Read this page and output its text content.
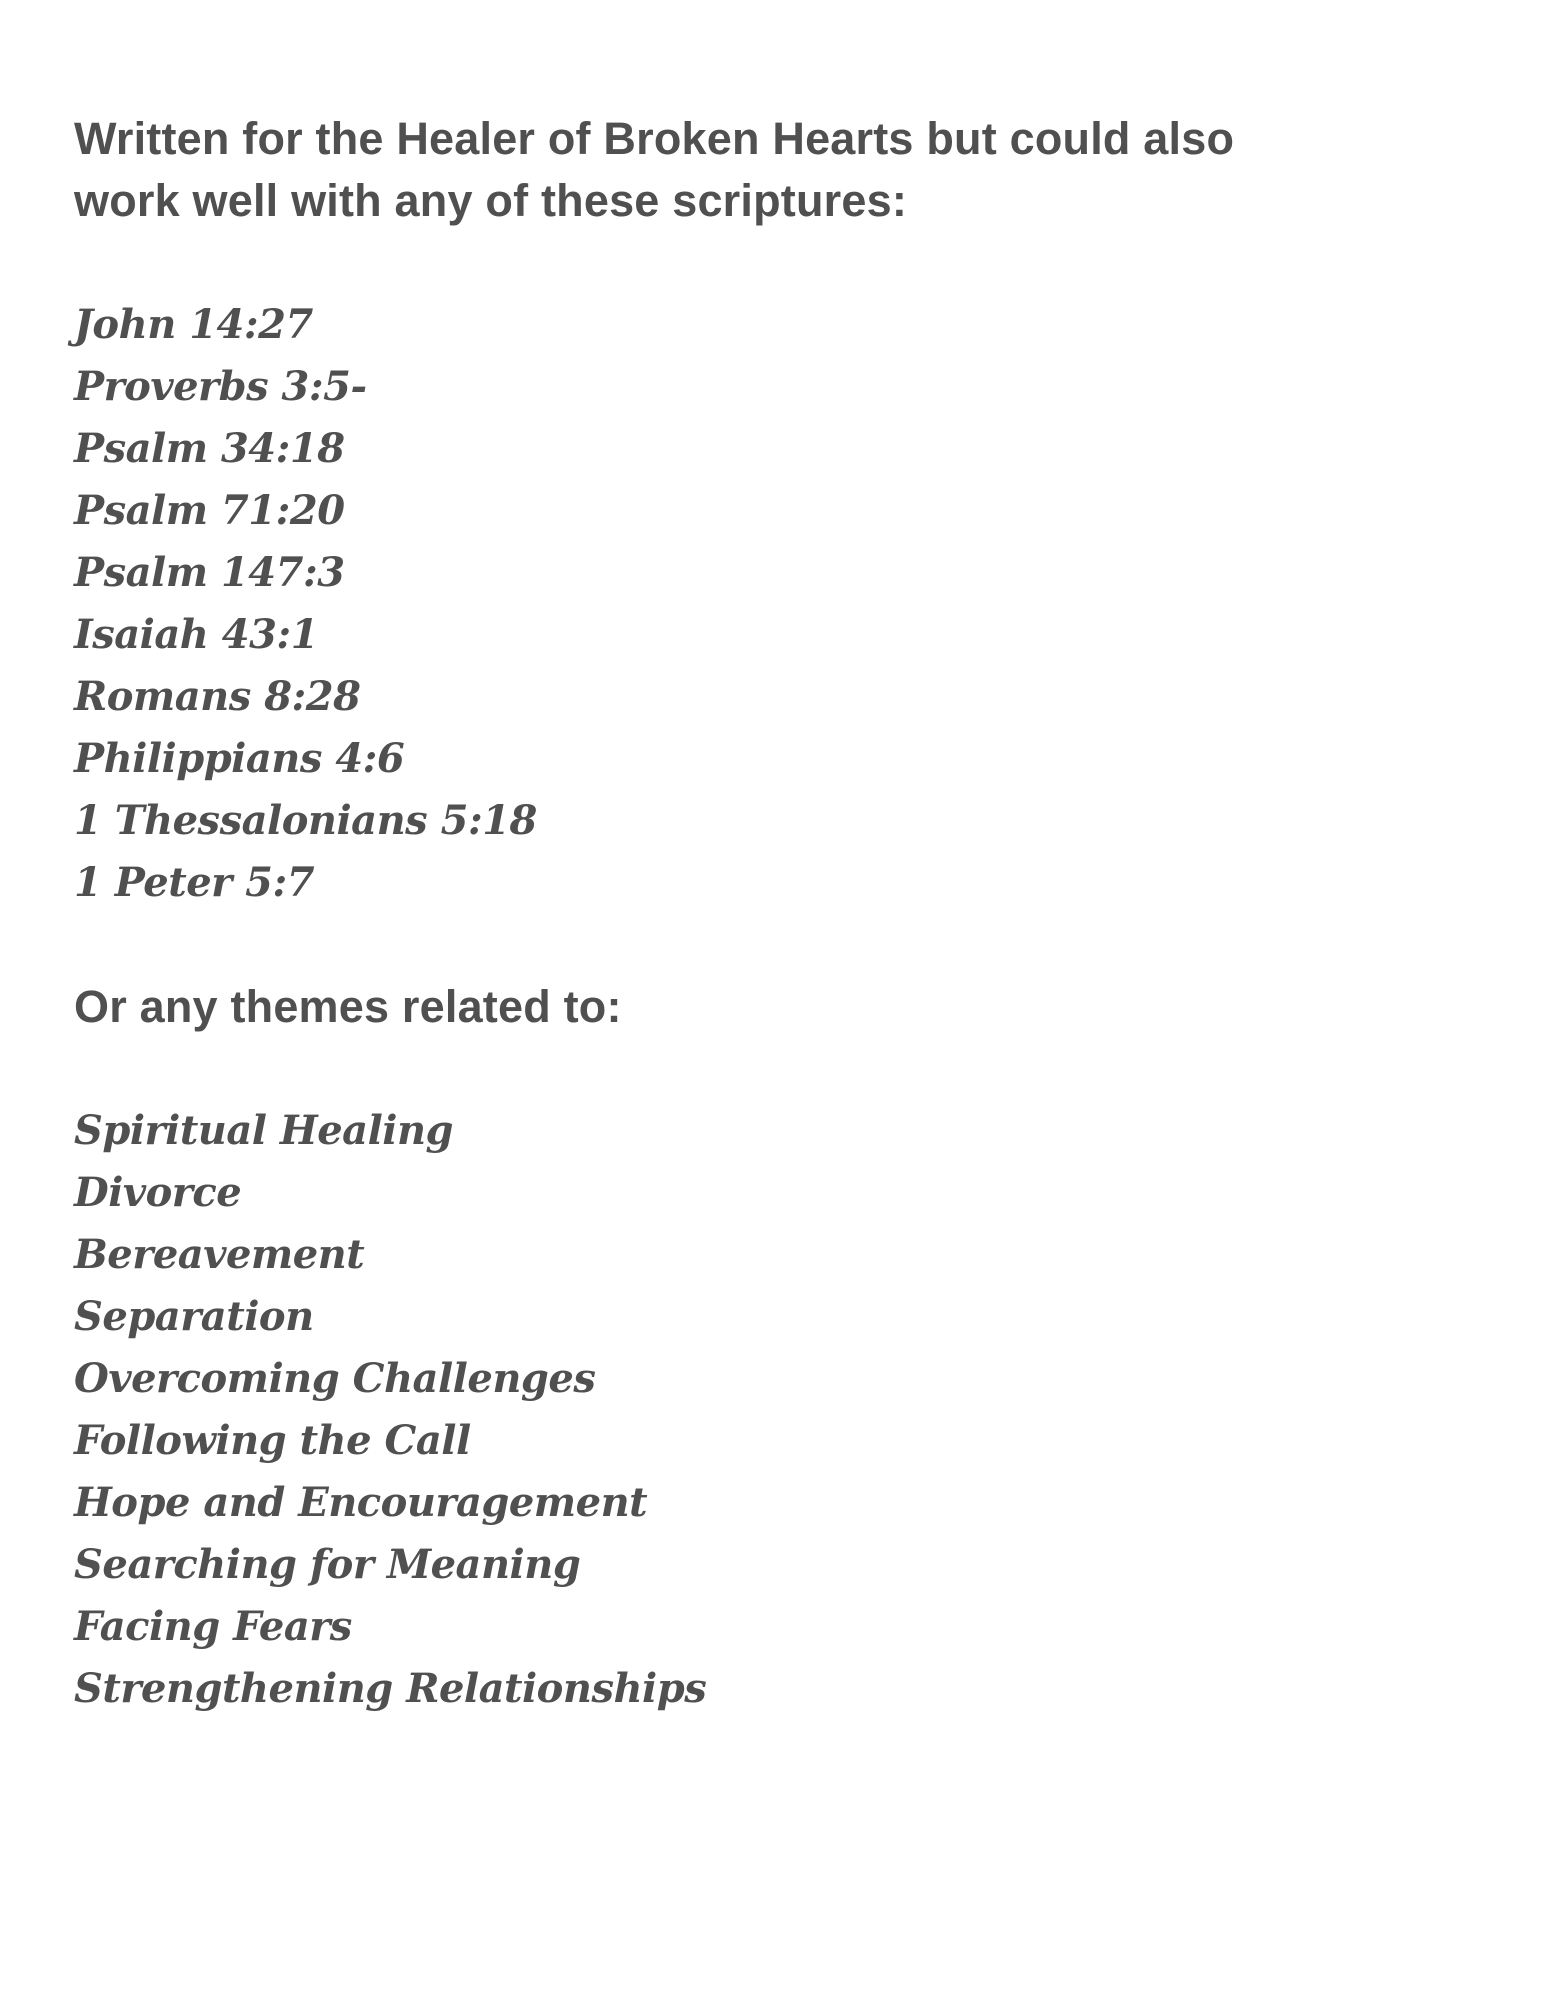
Written for the Healer of Broken Hearts but could also
work well with any of these scriptures:

John 14:27
Proverbs 3:5-
Psalm 34:18
Psalm 71:20
Psalm 147:3
Isaiah 43:1
Romans 8:28
Philippians 4:6
1 Thessalonians 5:18
1 Peter 5:7

Or any themes related to:

Spiritual Healing
Divorce
Bereavement
Separation
Overcoming Challenges
Following the Call
Hope and Encouragement
Searching for Meaning
Facing Fears
Strengthening Relationships
